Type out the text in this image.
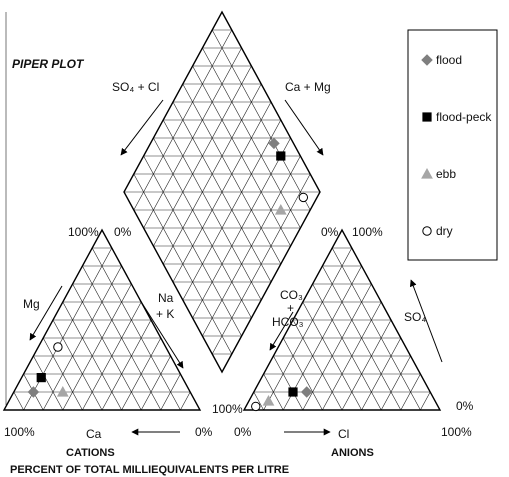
PIPER PLOT
SO₄ + Cl	Ca + Mg
100% 0%
Mg	Na
+ K
100%	0%
Ca
CATIONS
0% 100%
CO₃
+
HCO₃	SO₄
100%	0%
0%	100%
Cl
ANIONS
PERCENT OF TOTAL MILLIEQUIVALENTS PER LITRE
flood
flood-peck
ebb
dry
